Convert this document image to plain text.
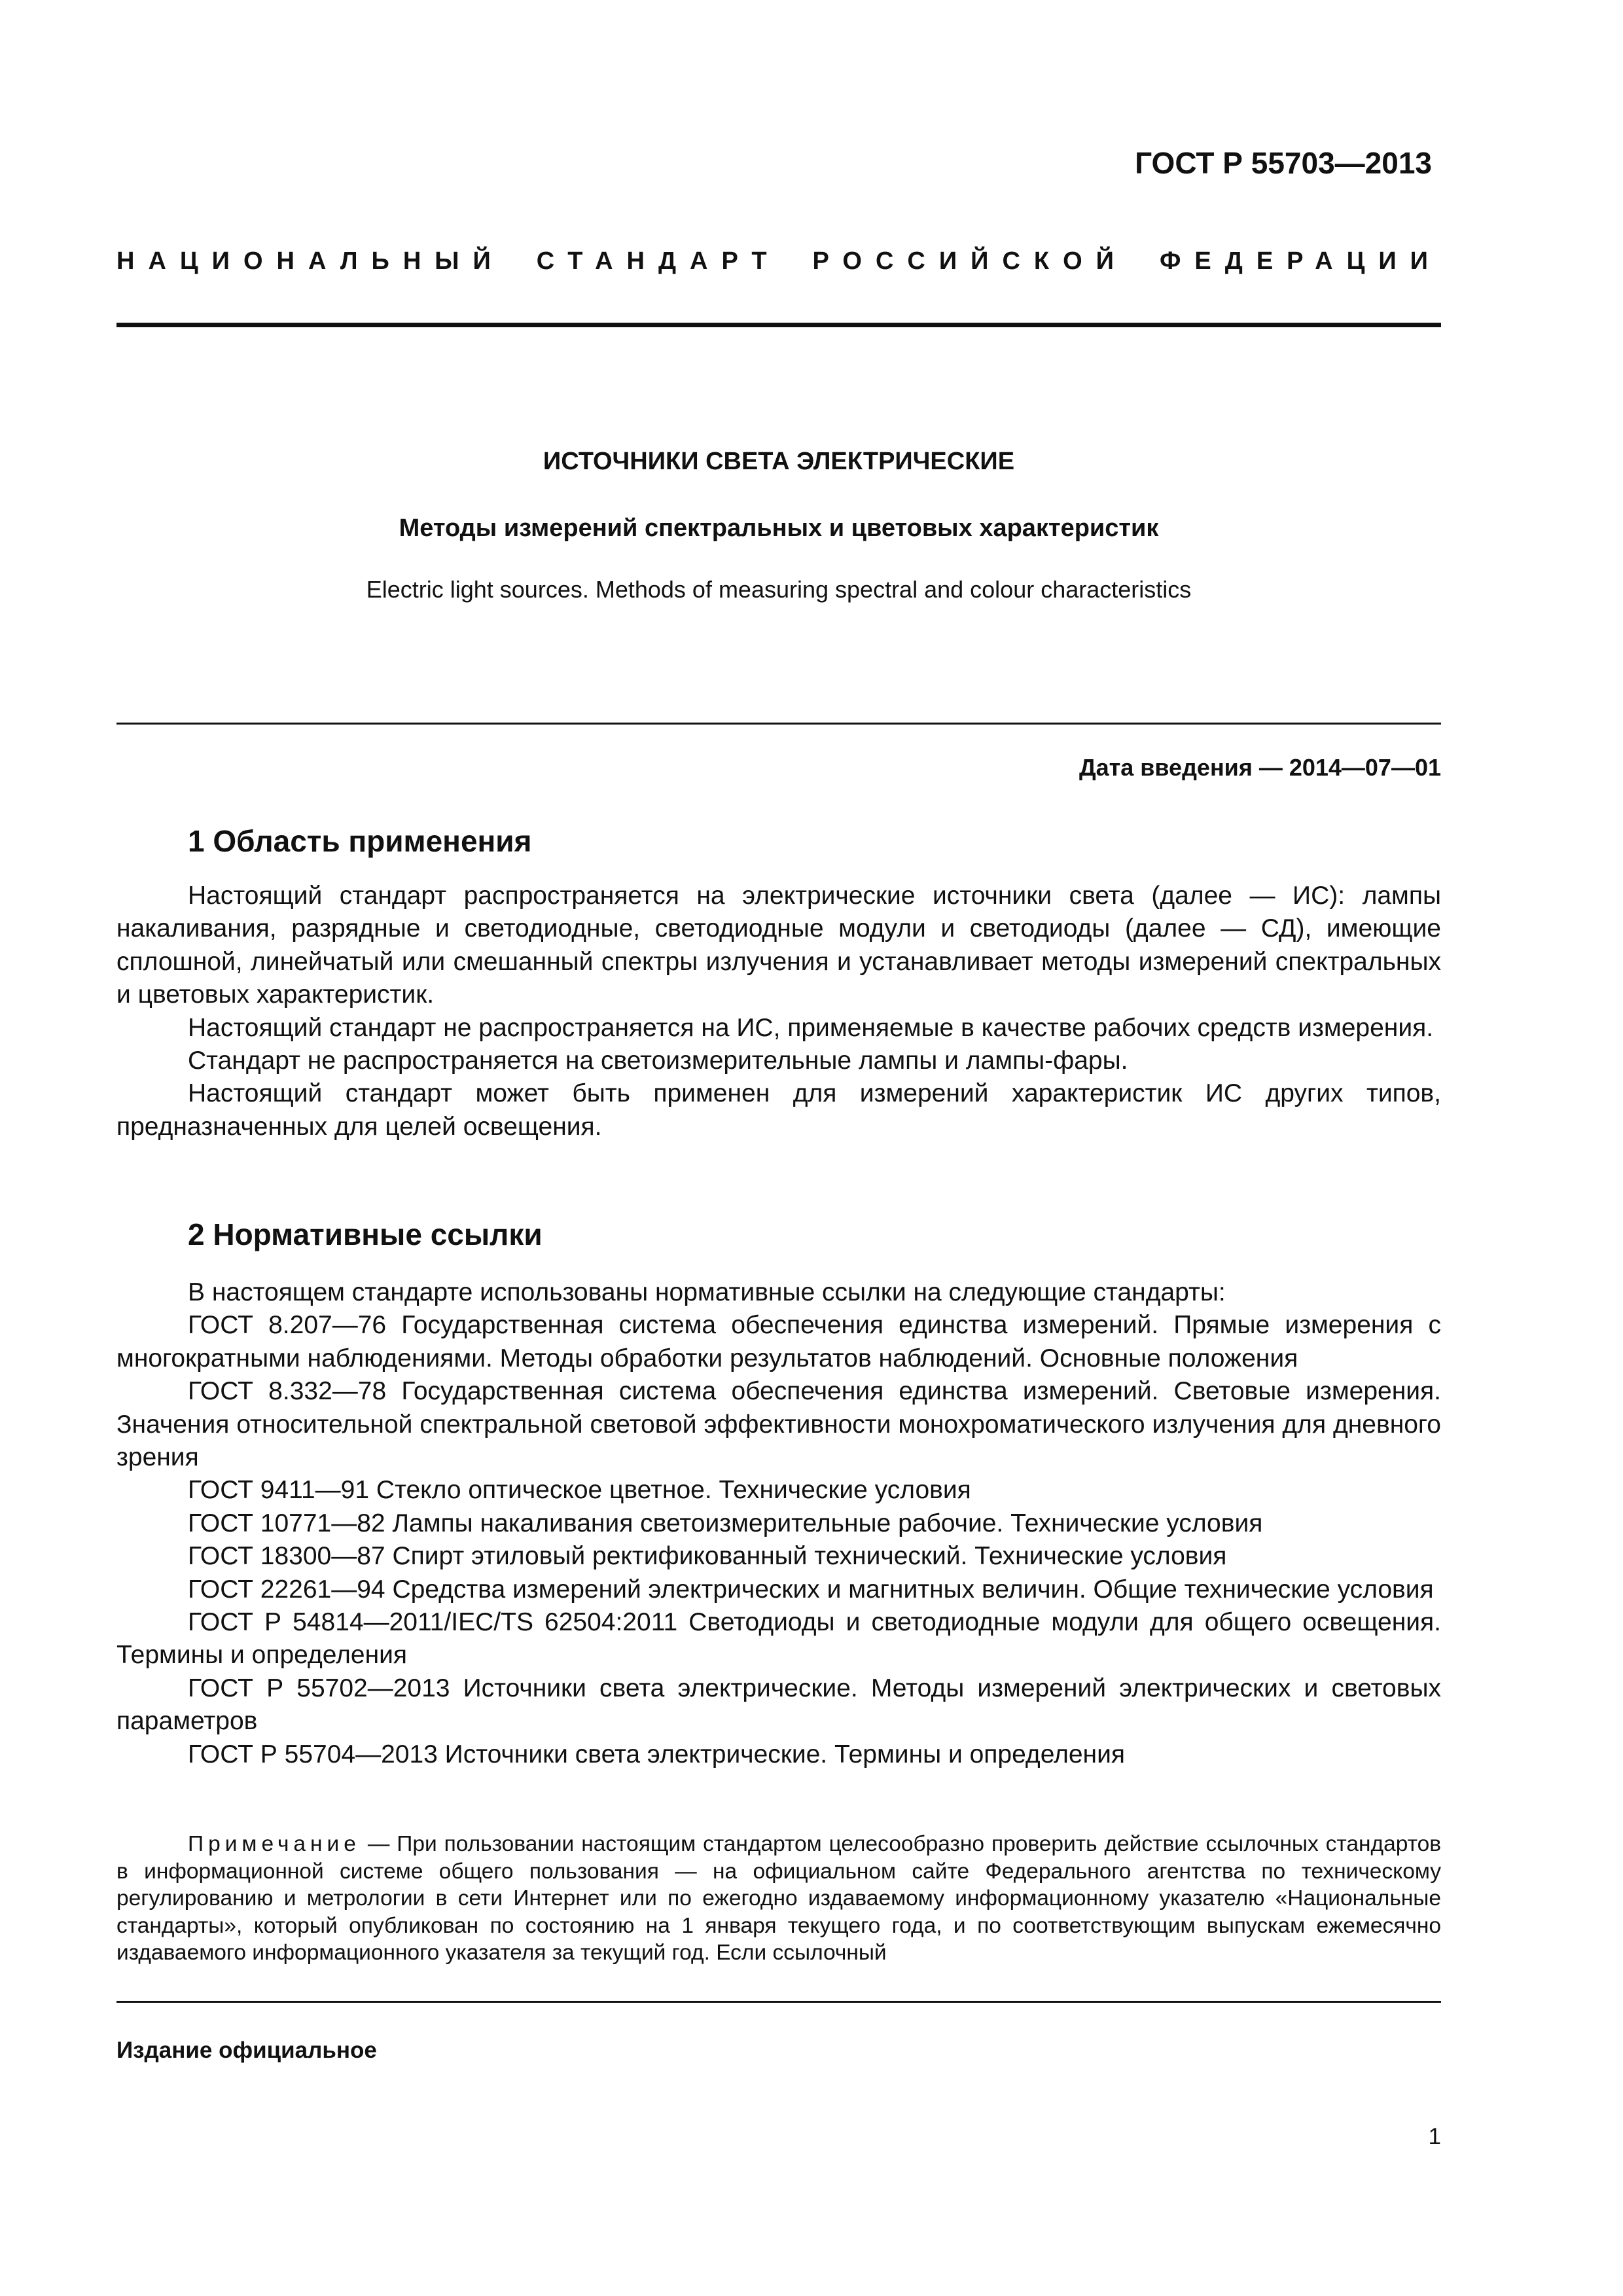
ГОСТ Р 55703—2013
НАЦИОНАЛЬНЫЙ СТАНДАРТ РОССИЙСКОЙ ФЕДЕРАЦИИ
ИСТОЧНИКИ СВЕТА ЭЛЕКТРИЧЕСКИЕ
Методы измерений спектральных и цветовых характеристик
Electric light sources. Methods of measuring spectral and colour characteristics
Дата введения — 2014—07—01
1 Область применения

Настоящий стандарт распространяется на электрические источники света (далее — ИС): лампы накаливания, разрядные и светодиодные, светодиодные модули и светодиоды (далее — СД), имеющие сплошной, линейчатый или смешанный спектры излучения и устанавливает методы измерений спектральных и цветовых характеристик.

Настоящий стандарт не распространяется на ИС, применяемые в качестве рабочих средств измерения.

Стандарт не распространяется на светоизмерительные лампы и лампы-фары.

Настоящий стандарт может быть применен для измерений характеристик ИС других типов, предназначенных для целей освещения.

2 Нормативные ссылки

В настоящем стандарте использованы нормативные ссылки на следующие стандарты:

ГОСТ 8.207—76 Государственная система обеспечения единства измерений. Прямые измерения с многократными наблюдениями. Методы обработки результатов наблюдений. Основные положения

ГОСТ 8.332—78 Государственная система обеспечения единства измерений. Световые измерения. Значения относительной спектральной световой эффективности монохроматического излучения для дневного зрения

ГОСТ 9411—91 Стекло оптическое цветное. Технические условия

ГОСТ 10771—82 Лампы накаливания светоизмерительные рабочие. Технические условия

ГОСТ 18300—87 Спирт этиловый ректификованный технический. Технические условия

ГОСТ 22261—94 Средства измерений электрических и магнитных величин. Общие технические условия

ГОСТ Р 54814—2011/IEC/TS 62504:2011 Светодиоды и светодиодные модули для общего освещения. Термины и определения

ГОСТ Р 55702—2013 Источники света электрические. Методы измерений электрических и световых параметров

ГОСТ Р 55704—2013 Источники света электрические. Термины и определения

Примечание — При пользовании настоящим стандартом целесообразно проверить действие ссылочных стандартов в информационной системе общего пользования — на официальном сайте Федерального агентства по техническому регулированию и метрологии в сети Интернет или по ежегодно издаваемому информационному указателю «Национальные стандарты», который опубликован по состоянию на 1 января текущего года, и по соответствующим выпускам ежемесячно издаваемого информационного указателя за текущий год. Если ссылочный

Издание официальное
1
